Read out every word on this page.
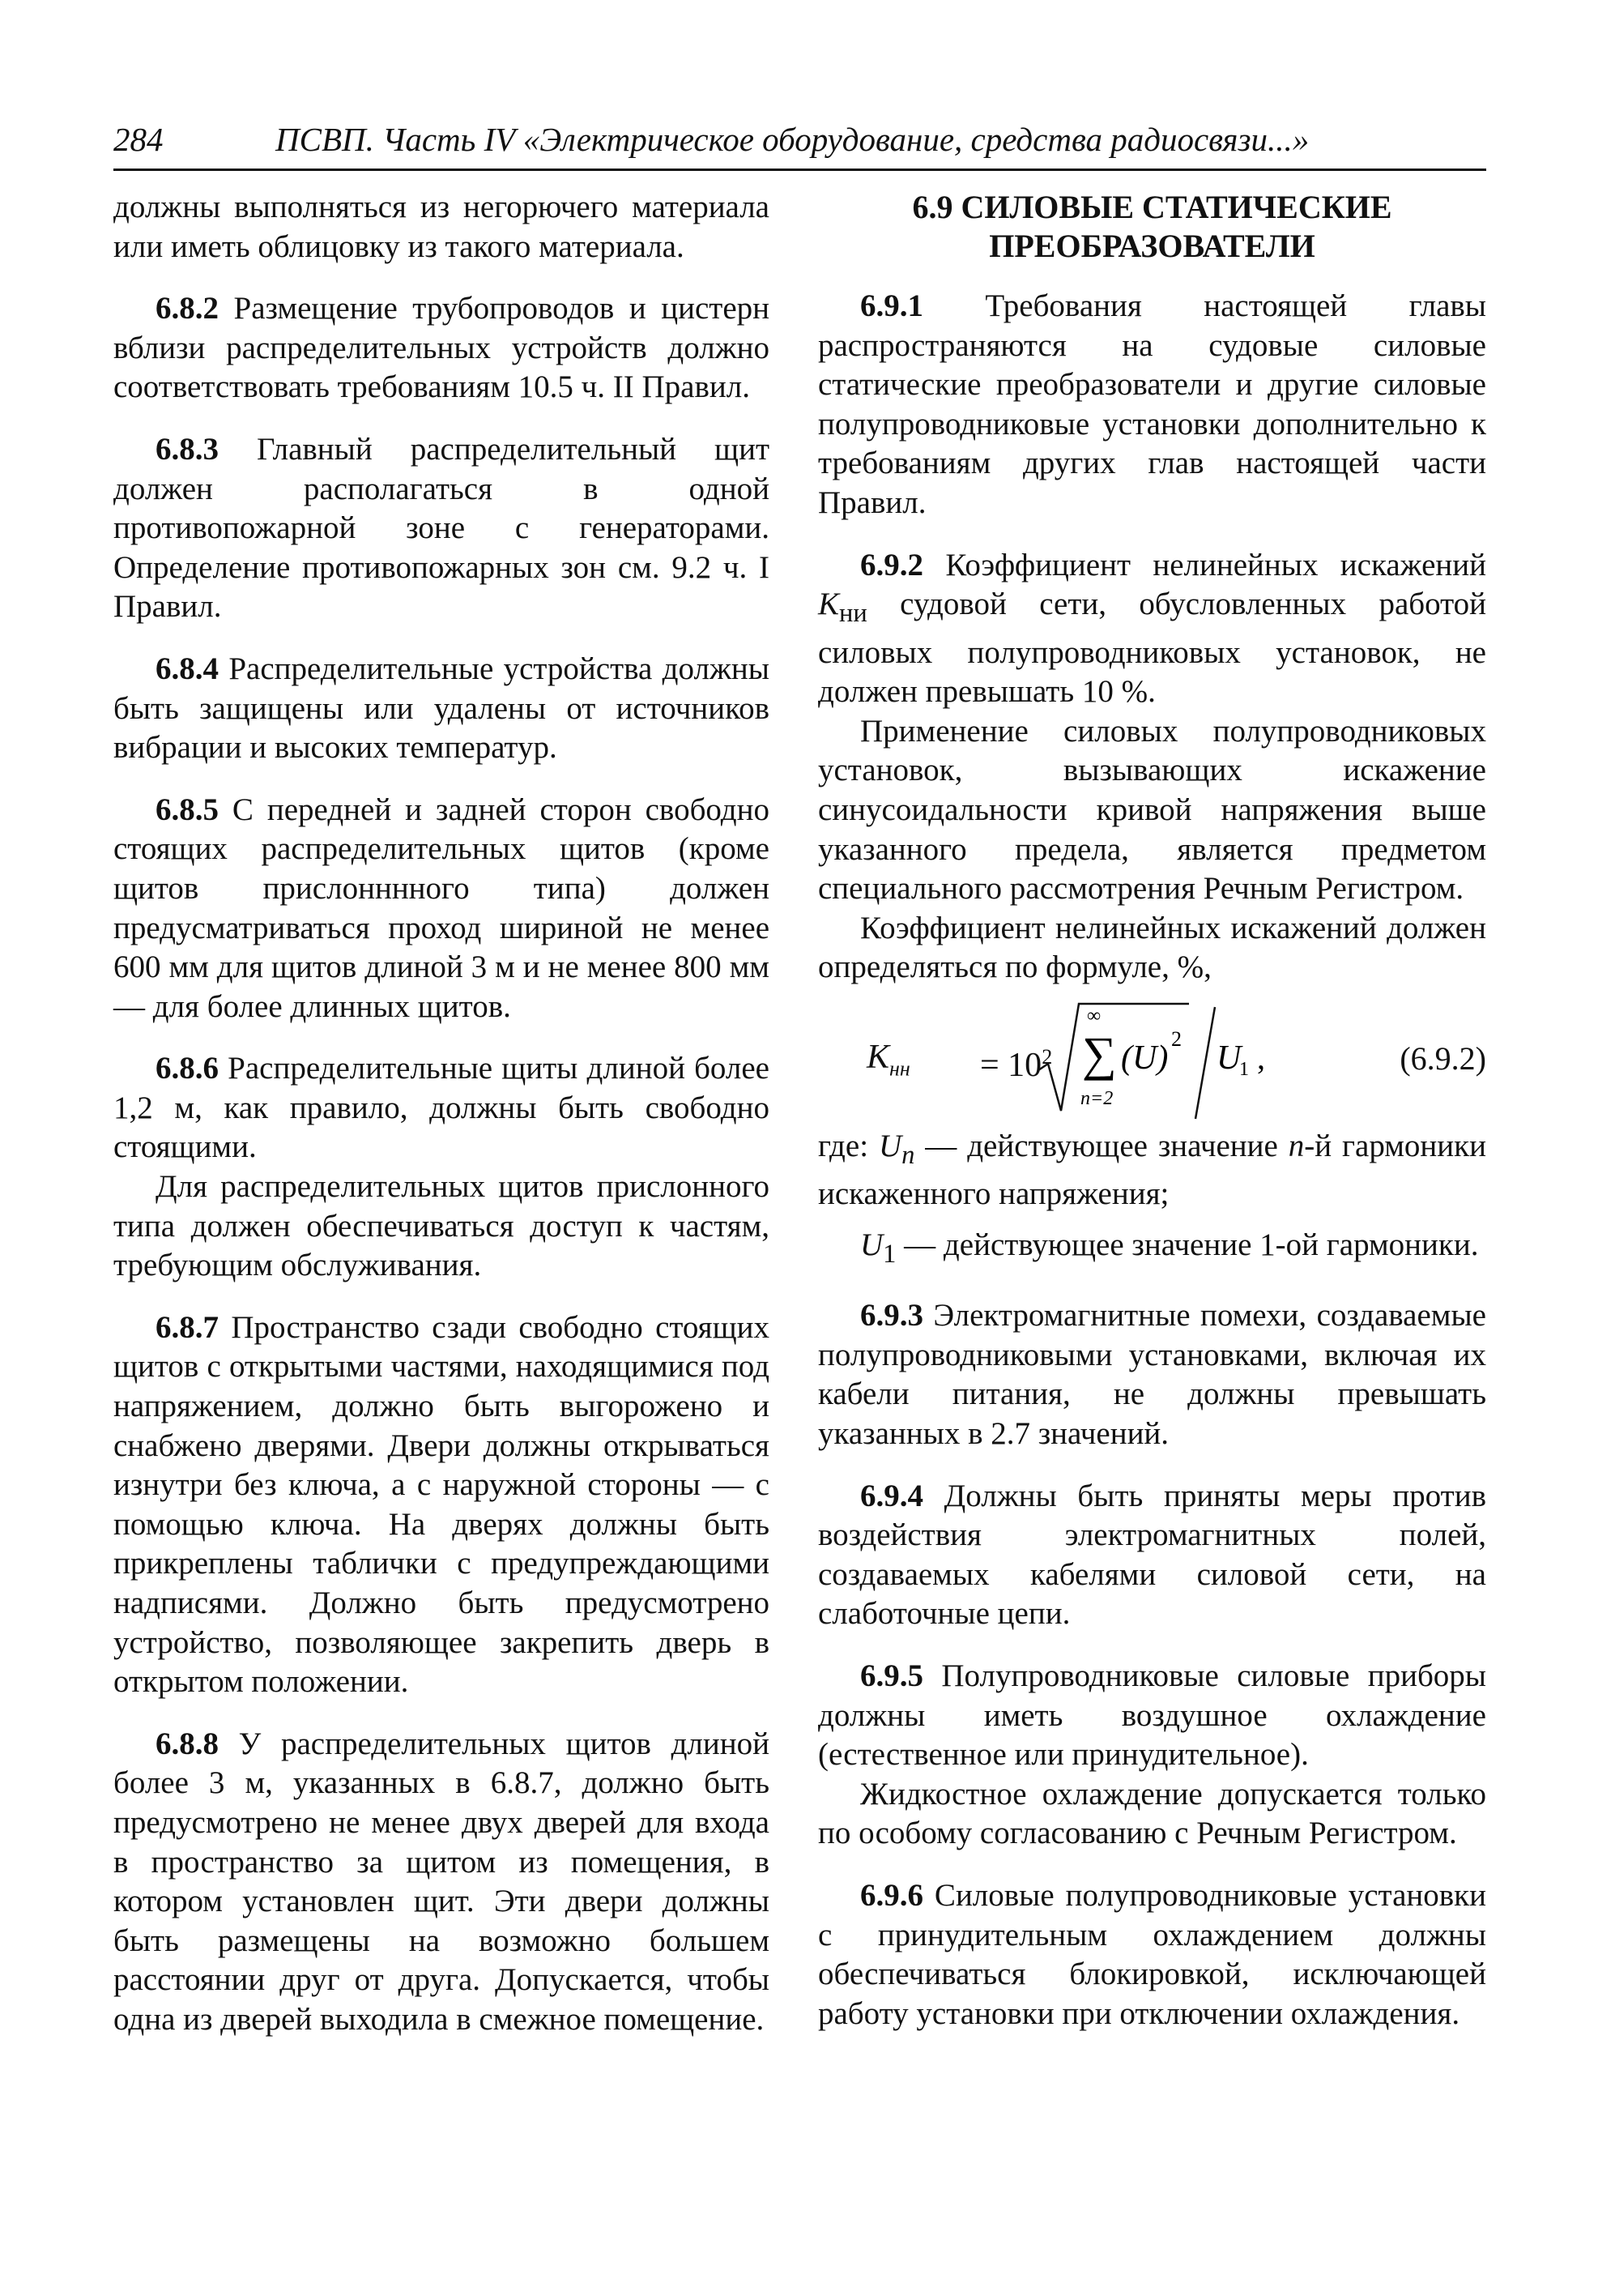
284	ПСВП. Часть IV «Электрическое оборудование, средства радиосвязи...»

должны выполняться из негорючего материала или иметь облицовку из такого материала.

6.8.2 Размещение трубопроводов и цистерн вблизи распределительных устройств должно соответствовать требованиям 10.5 ч. II Правил.

6.8.3 Главный распределительный щит должен располагаться в одной противопожарной зоне с генераторами. Определение противопожарных зон см. 9.2 ч. I Правил.

6.8.4 Распределительные устройства должны быть защищены или удалены от источников вибрации и высоких температур.

6.8.5 С передней и задней сторон свободно стоящих распределительных щитов (кроме щитов прислонннного типа) должен предусматриваться проход шириной не менее 600 мм для щитов длиной 3 м и не менее 800 мм — для более длинных щитов.

6.8.6 Распределительные щиты длиной более 1,2 м, как правило, должны быть свободно стоящими.

Для распределительных щитов прислонного типа должен обеспечиваться доступ к частям, требующим обслуживания.

6.8.7 Пространство сзади свободно стоящих щитов с открытыми частями, находящимися под напряжением, должно быть выгорожено и снабжено дверями. Двери должны открываться изнутри без ключа, а с наружной стороны — с помощью ключа. На дверях должны быть прикреплены таблички с предупреждающими надписями. Должно быть предусмотрено устройство, позволяющее закрепить дверь в открытом положении.

6.8.8 У распределительных щитов длиной более 3 м, указанных в 6.8.7, должно быть предусмотрено не менее двух дверей для входа в пространство за щитом из помещения, в котором установлен щит. Эти двери должны быть размещены на возможно большем расстоянии друг от друга. Допускается, чтобы одна из дверей выходила в смежное помещение.

6.9 СИЛОВЫЕ СТАТИЧЕСКИЕ ПРЕОБРАЗОВАТЕЛИ

6.9.1 Требования настоящей главы распространяются на судовые силовые статические преобразователи и другие силовые полупроводниковые установки дополнительно к требованиям других глав настоящей части Правил.

6.9.2 Коэффициент нелинейных искажений $K_{ни}$ судовой сети, обусловленных работой силовых полупроводниковых установок, не должен превышать 10 %.

Применение силовых полупроводниковых установок, вызывающих искажение синусоидальности кривой напряжения выше указанного предела, является предметом специального рассмотрения Речным Регистром.

Коэффициент нелинейных искажений должен определяться по формуле, %,

$K_{нн} = 10^2$
∞
∑
n=2
(U)
2
U
1 ,	(6.9.2)

где: $U_n$ — действующее значение n-й гармоники искаженного напряжения;

$U_1$ — действующее значение 1-ой гармоники.

6.9.3 Электромагнитные помехи, создаваемые полупроводниковыми установками, включая их кабели питания, не должны превышать указанных в 2.7 значений.

6.9.4 Должны быть приняты меры против воздействия электромагнитных полей, создаваемых кабелями силовой сети, на слаботочные цепи.

6.9.5 Полупроводниковые силовые приборы должны иметь воздушное охлаждение (естественное или принудительное).

Жидкостное охлаждение допускается только по особому согласованию с Речным Регистром.

6.9.6 Силовые полупроводниковые установки с принудительным охлаждением должны обеспечиваться блокировкой, исключающей работу установки при отключении охлаждения.
